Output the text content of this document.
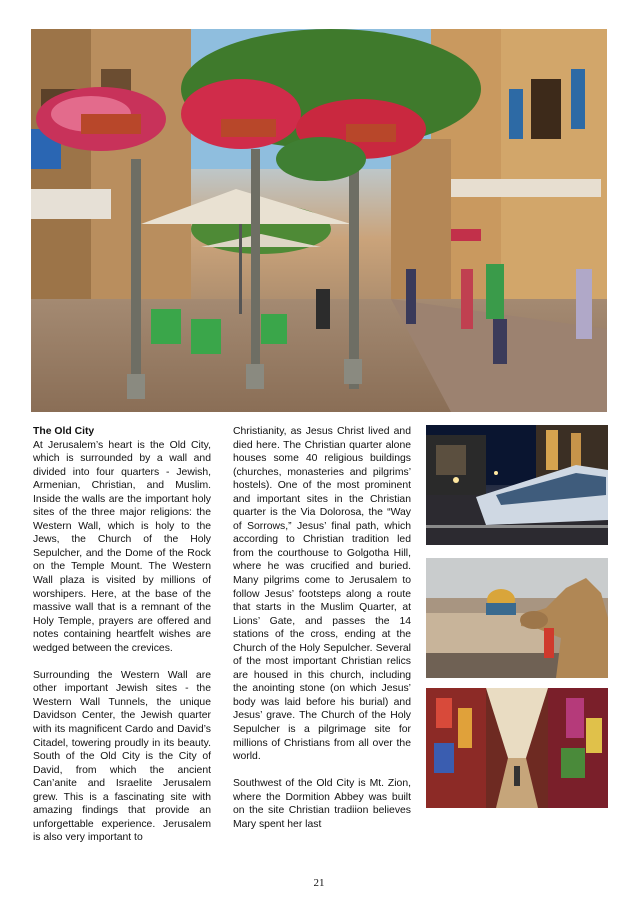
The Old City

At Jerusalem’s heart is the Old City, which is surrounded by a wall and divided into four quarters - Jewish, Armenian, Christian, and Muslim. Inside the walls are the important holy sites of the three major religions: the Western Wall, which is holy to the Jews, the Church of the Holy Sepulcher, and the Dome of the Rock on the Temple Mount. The Western Wall plaza is visited by millions of worshipers. Here, at the base of the massive wall that is a remnant of the Holy Temple, prayers are offered and notes containing heartfelt wishes are wedged between the crevices.

Surrounding the Western Wall are other important Jewish sites - the Western Wall Tunnels, the unique Davidson Center, the Jewish quarter with its magnificent Cardo and David’s Citadel, towering proudly in its beauty. South of the Old City is the City of David, from which the ancient Can’anite and Israelite Jerusalem grew. This is a fascinating site with amazing findings that provide an unforgettable experience. Jerusalem is also very important to

Christianity, as Jesus Christ lived and died here. The Christian quarter alone houses some 40 religious buildings (churches, monasteries and pilgrims’ hostels). One of the most prominent and important sites in the Christian quarter is the Via Dolorosa, the “Way of Sorrows,” Jesus’ final path, which according to Christian tradition led from the courthouse to Golgotha Hill, where he was crucified and buried. Many pilgrims come to Jerusalem to follow Jesus’ footsteps along a route that starts in the Muslim Quarter, at Lions’ Gate, and passes the 14 stations of the cross, ending at the Church of the Holy Sepulcher. Several of the most important Christian relics are housed in this church, including the anointing stone (on which Jesus’ body was laid before his burial) and Jesus’ grave. The Church of the Holy Sepulcher is a pilgrimage site for millions of Christians from all over the world.

Southwest of the Old City is Mt. Zion, where the Dormition Abbey was built on the site Christian tradiion believes Mary spent her last

21
